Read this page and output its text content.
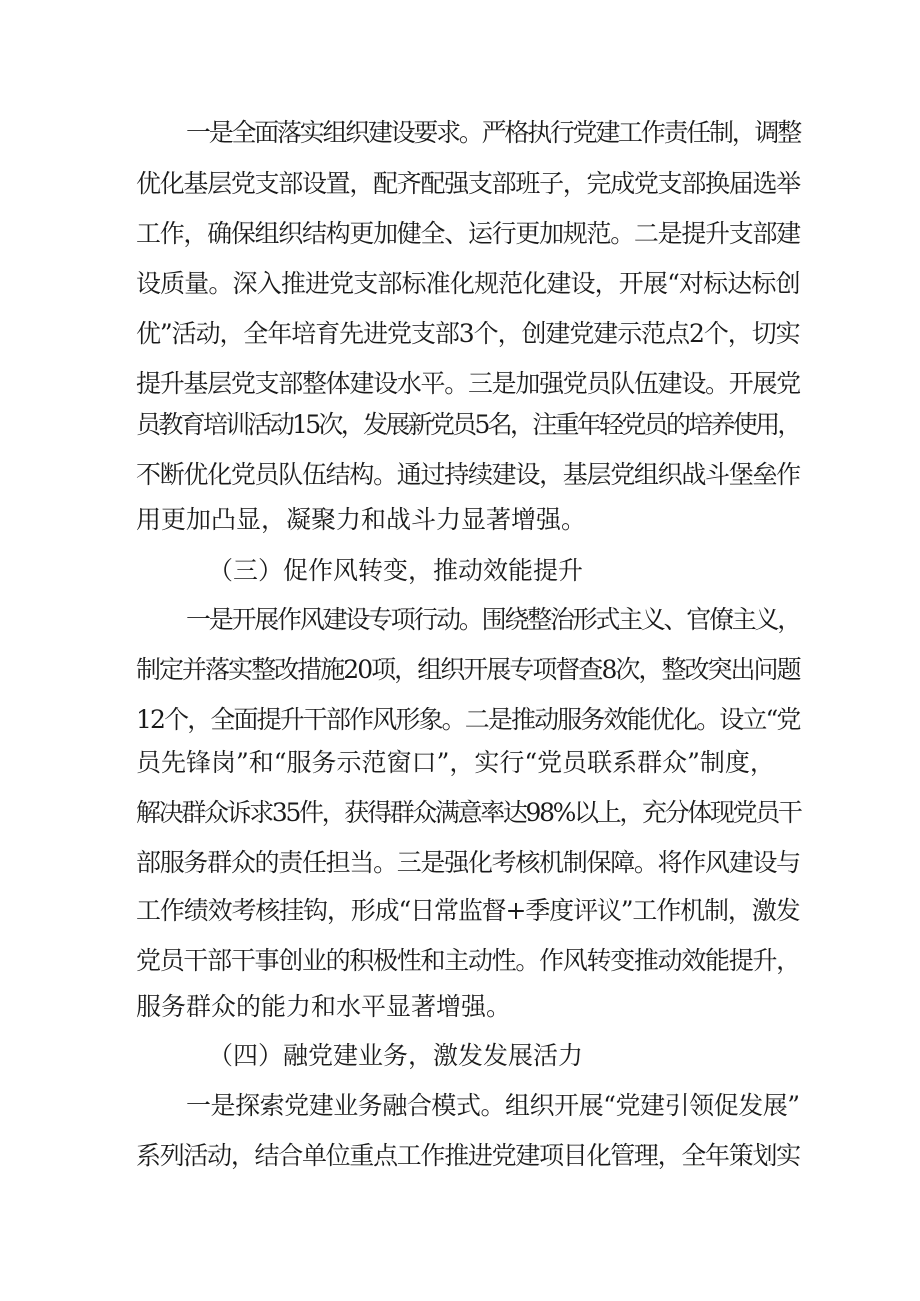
一是全面落实组织建设要求。严格执行党建工作责任制，调整
优化基层党支部设置，配齐配强支部班子，完成党支部换届选举
工作，确保组织结构更加健全、运行更加规范。二是提升支部建
设质量。深入推进党支部标准化规范化建设，开展“对标达标创
优”活动，全年培育先进党支部3个，创建党建示范点2个，切实
提升基层党支部整体建设水平。三是加强党员队伍建设。开展党
员教育培训活动15次，发展新党员5名，注重年轻党员的培养使用，
不断优化党员队伍结构。通过持续建设，基层党组织战斗堡垒作
用更加凸显，凝聚力和战斗力显著增强。
（三）促作风转变，推动效能提升
一是开展作风建设专项行动。围绕整治形式主义、官僚主义，
制定并落实整改措施20项，组织开展专项督查8次，整改突出问题
12个，全面提升干部作风形象。二是推动服务效能优化。设立“党
员先锋岗”和“服务示范窗口”，实行“党员联系群众”制度，
解决群众诉求35件，获得群众满意率达98%以上，充分体现党员干
部服务群众的责任担当。三是强化考核机制保障。将作风建设与
工作绩效考核挂钩，形成“日常监督+季度评议”工作机制，激发
党员干部干事创业的积极性和主动性。作风转变推动效能提升，
服务群众的能力和水平显著增强。
（四）融党建业务，激发发展活力
一是探索党建业务融合模式。组织开展“党建引领促发展”
系列活动，结合单位重点工作推进党建项目化管理，全年策划实
